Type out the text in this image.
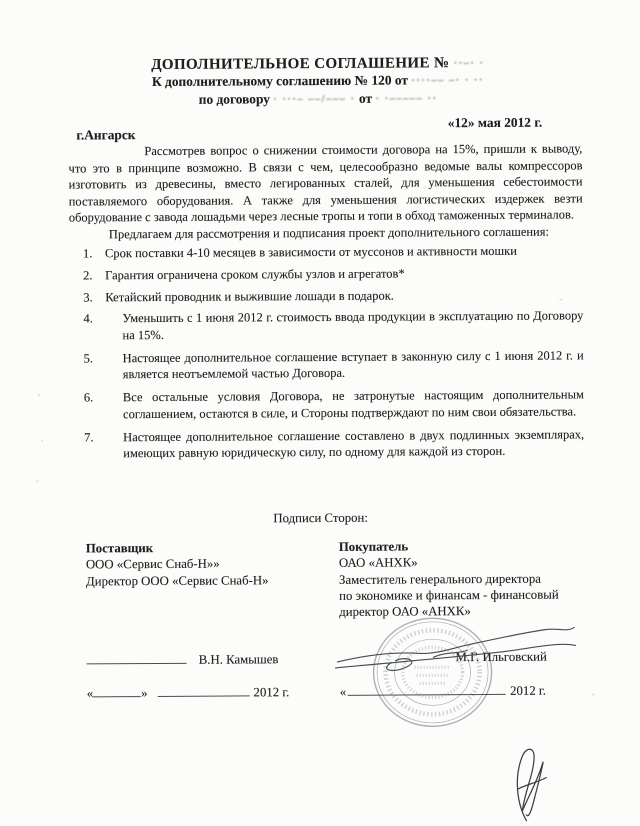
ДОПОЛНИТЕЛЬНОЕ СОГЛАШЕНИЕ № ··–· ·
К дополнительному соглашению № 120 от ····–– –· · ··
по договору · ···– ––/––– · от · ·––––– ··
г.Ангарск
«12» мая 2012 г.

Рассмотрев вопрос о снижении стоимости договора на 15%, пришли к выводу, что это в принципе возможно. В связи с чем, целесообразно ведомые валы компрессоров изготовить из древесины, вместо легированных сталей, для уменьшения себестоимости поставляемого оборудования. А также для уменьшения логистических издержек везти оборудование с завода лошадьми через лесные тропы и топи в обход таможенных терминалов.

Предлагаем для рассмотрения и подписания проект дополнительного соглашения:

1.	Срок поставки 4-10 месяцев в зависимости от муссонов и активности мошки
2.	Гарантия ограничена сроком службы узлов и агрегатов*
3.	Кетайский проводник и выжившие лошади в подарок.
4.	Уменьшить с 1 июня 2012 г. стоимость ввода продукции в эксплуатацию по Договору на 15%.
5.	Настоящее дополнительное соглашение вступает в законную силу с 1 июня 2012 г. и является неотъемлемой частью Договора.
6.	Все остальные условия Договора, не затронутые настоящим дополнительным соглашением, остаются в силе, и Стороны подтверждают по ним свои обязательства.
7.	Настоящее дополнительное соглашение составлено в двух подлинных экземплярах, имеющих равную юридическую силу, по одному для каждой из сторон.
Подписи Сторон:
Поставщик
ООО «Сервис Снаб-Н»»
Директор ООО «Сервис Снаб-Н»
Покупатель
ОАО «АНХК»
Заместитель генерального директора
по экономике и финансам - финансовый
директор ОАО «АНХК»
В.Н. Камышев	М.Г. Ильговский
«	»	2012 г.	«	2012 г.
